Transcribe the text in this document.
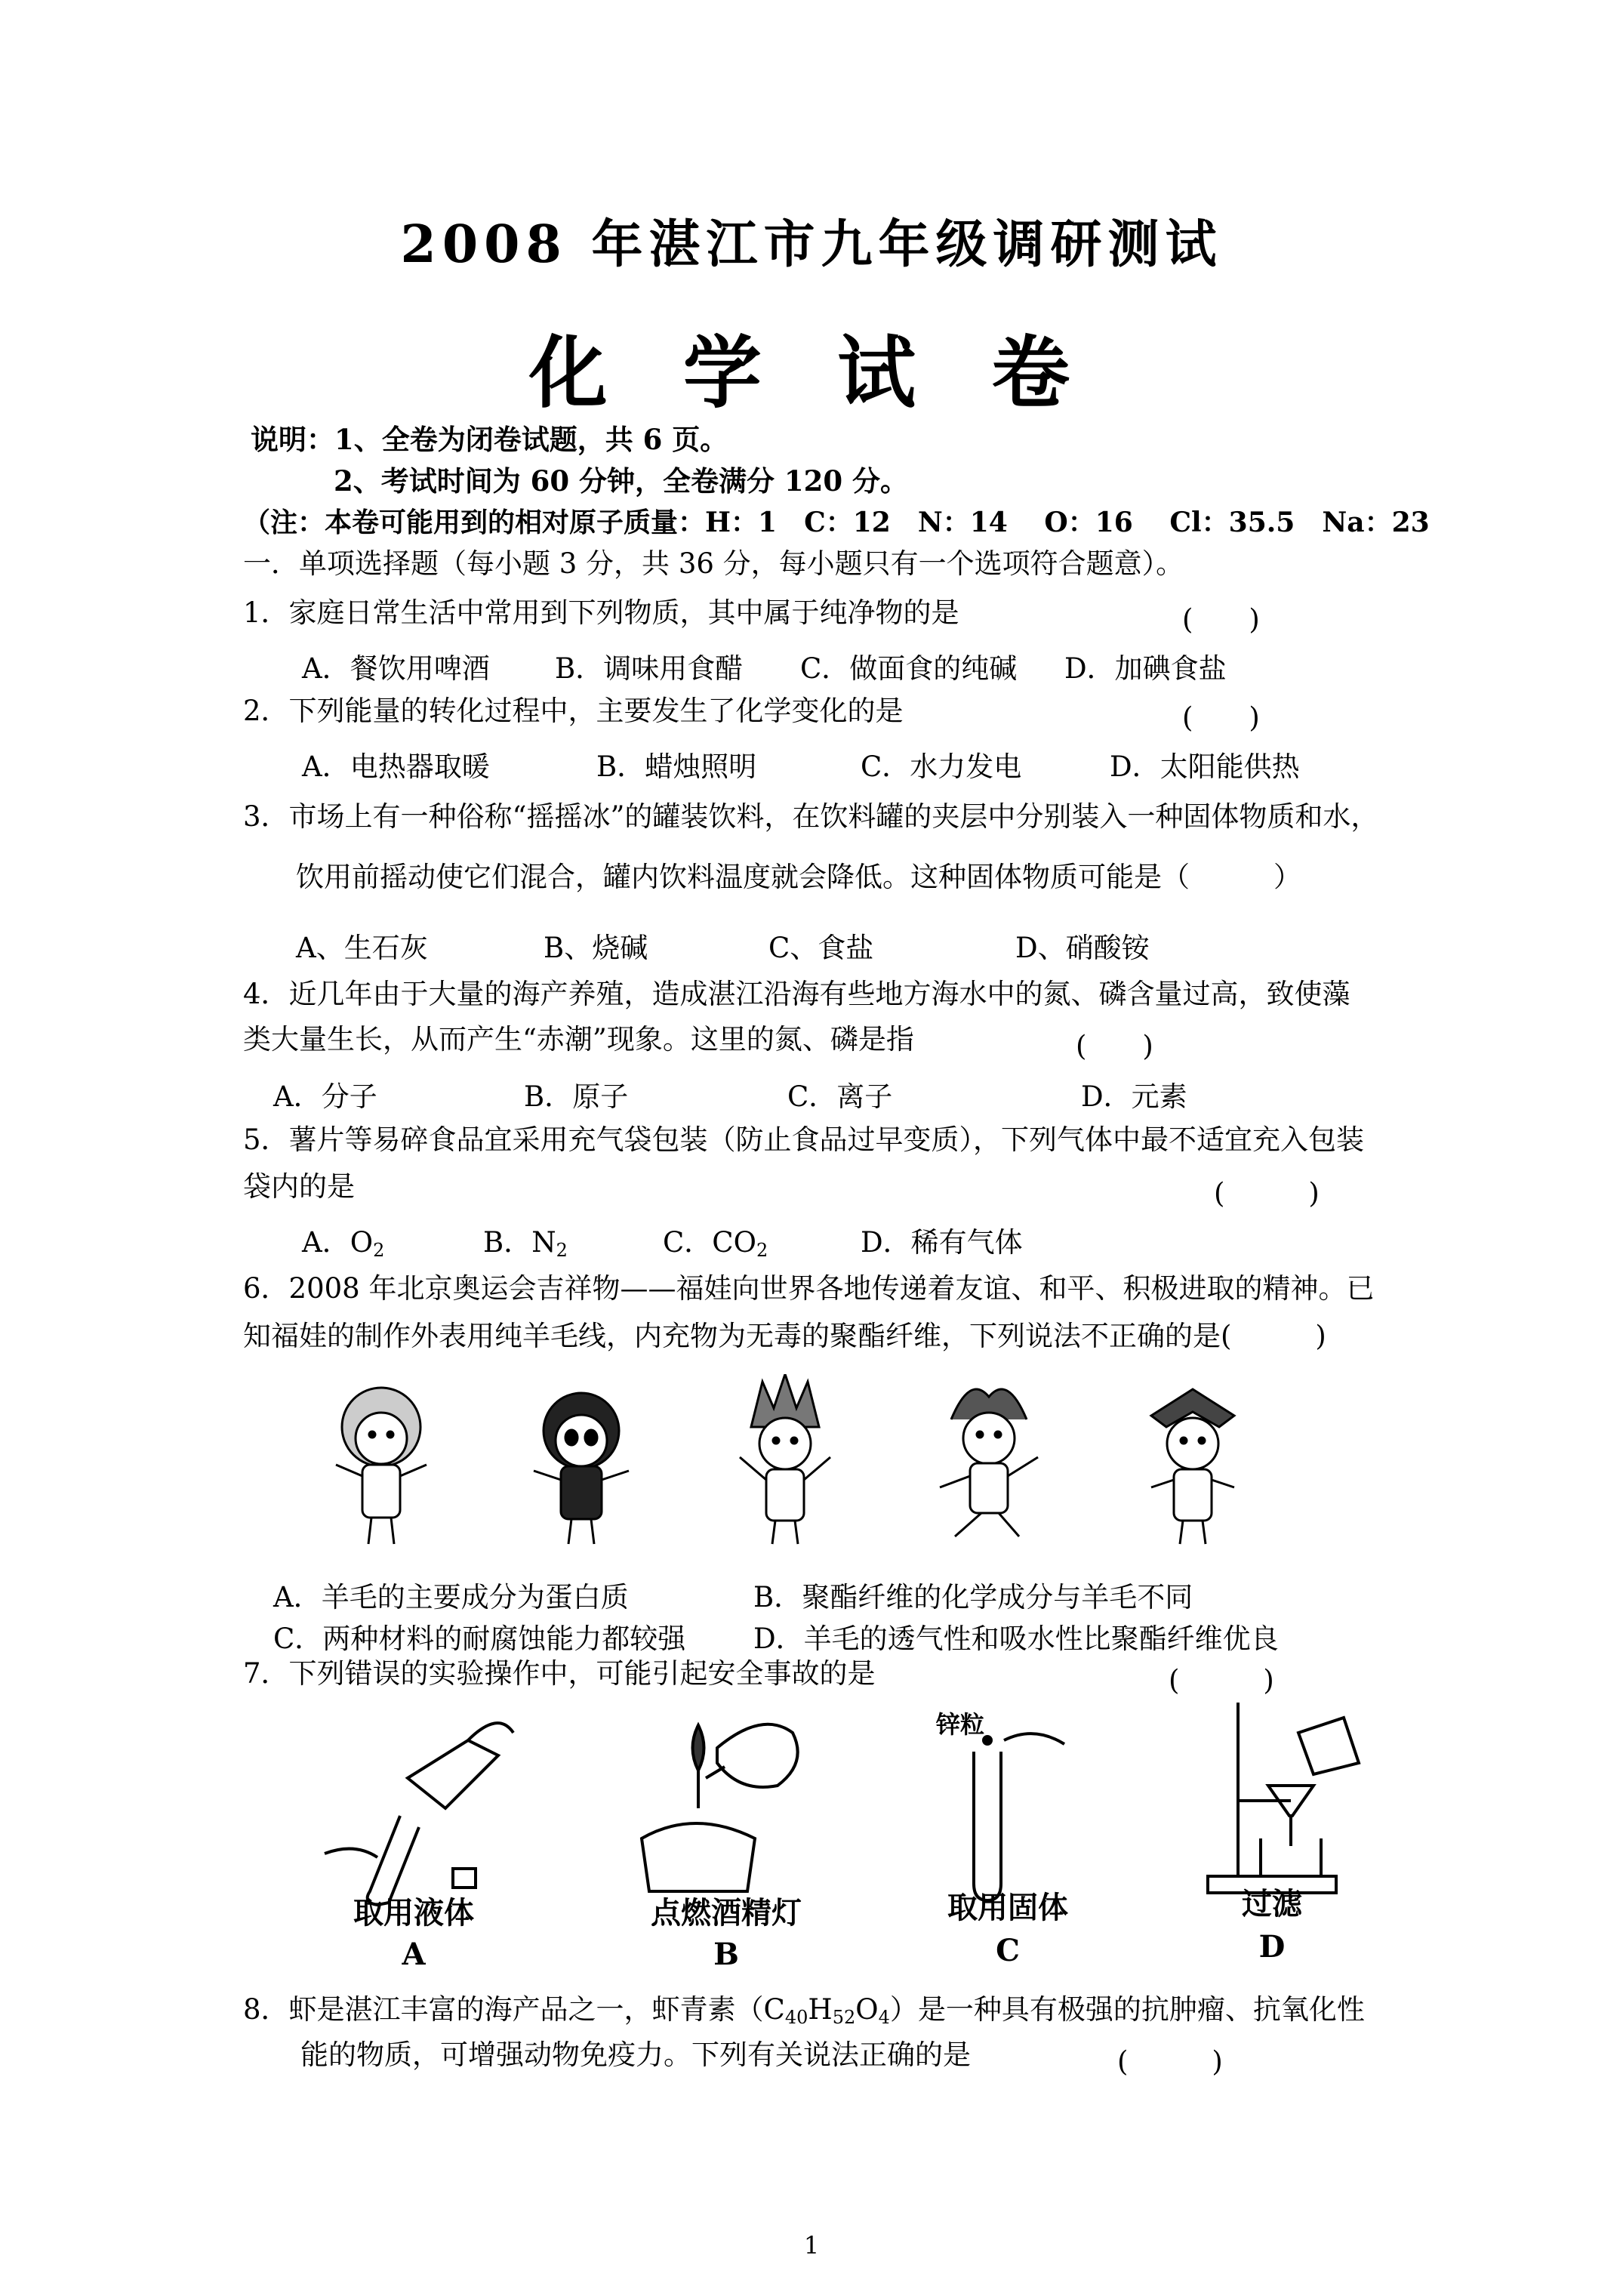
2008 年湛江市九年级调研测试
化 学 试 卷
说明：1、全卷为闭卷试题，共 6 页。
2、考试时间为 60 分钟，全卷满分 120 分。
（注：本卷可能用到的相对原子质量：H：1　C：12　N：14　 O：16　 Cl：35.5　Na：23
一．单项选择题（每小题 3 分，共 36 分，每小题只有一个选项符合题意）。
1．家庭日常生活中常用到下列物质，其中属于纯净物的是	(　　)
A．餐饮用啤酒 B．调味用食醋 C．做面食的纯碱 D．加碘食盐
2．下列能量的转化过程中，主要发生了化学变化的是	(　　)
A．电热器取暖	B．蜡烛照明	C．水力发电	D．太阳能供热
3．市场上有一种俗称“摇摇冰”的罐装饮料，在饮料罐的夹层中分别装入一种固体物质和水，
饮用前摇动使它们混合，罐内饮料温度就会降低。这种固体物质可能是（　　　）
A、生石灰	B、烧碱	C、食盐	D、硝酸铵
4．近几年由于大量的海产养殖，造成湛江沿海有些地方海水中的氮、磷含量过高，致使藻
类大量生长，从而产生“赤潮”现象。这里的氮、磷是指	(　　)
A．分子	B．原子	C．离子	D．元素
5．薯片等易碎食品宜采用充气袋包装（防止食品过早变质），下列气体中最不适宜充入包装
袋内的是	(　　　)
A．$O_2$	B．$N_2$	C．$CO_2$	D．稀有气体
6．2008 年北京奥运会吉祥物——福娃向世界各地传递着友谊、和平、积极进取的精神。已
知福娃的制作外表用纯羊毛线，内充物为无毒的聚酯纤维，下列说法不正确的是(　　　)
A．羊毛的主要成分为蛋白质	B．聚酯纤维的化学成分与羊毛不同
C．两种材料的耐腐蚀能力都较强 D．羊毛的透气性和吸水性比聚酯纤维优良
7．下列错误的实验操作中，可能引起安全事故的是	(　　　)
锌粒
取用液体	点燃酒精灯	取用固体	过滤
A	B	C	D
8．虾是湛江丰富的海产品之一，虾青素$(C_{40}H_{52}O_4)$是一种具有极强的抗肿瘤、抗氧化性
能的物质，可增强动物免疫力。下列有关说法正确的是	(　　　)
1
